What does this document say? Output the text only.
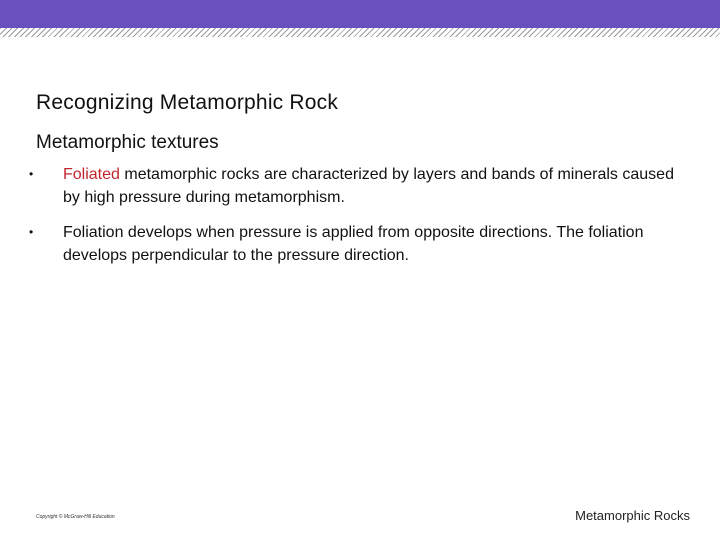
Recognizing Metamorphic Rock
Metamorphic textures
• Foliated metamorphic rocks are characterized by layers and bands of minerals caused by high pressure during metamorphism.
• Foliation develops when pressure is applied from opposite directions. The foliation develops perpendicular to the pressure direction.
Copyright © McGraw-Hill Education	Metamorphic Rocks
